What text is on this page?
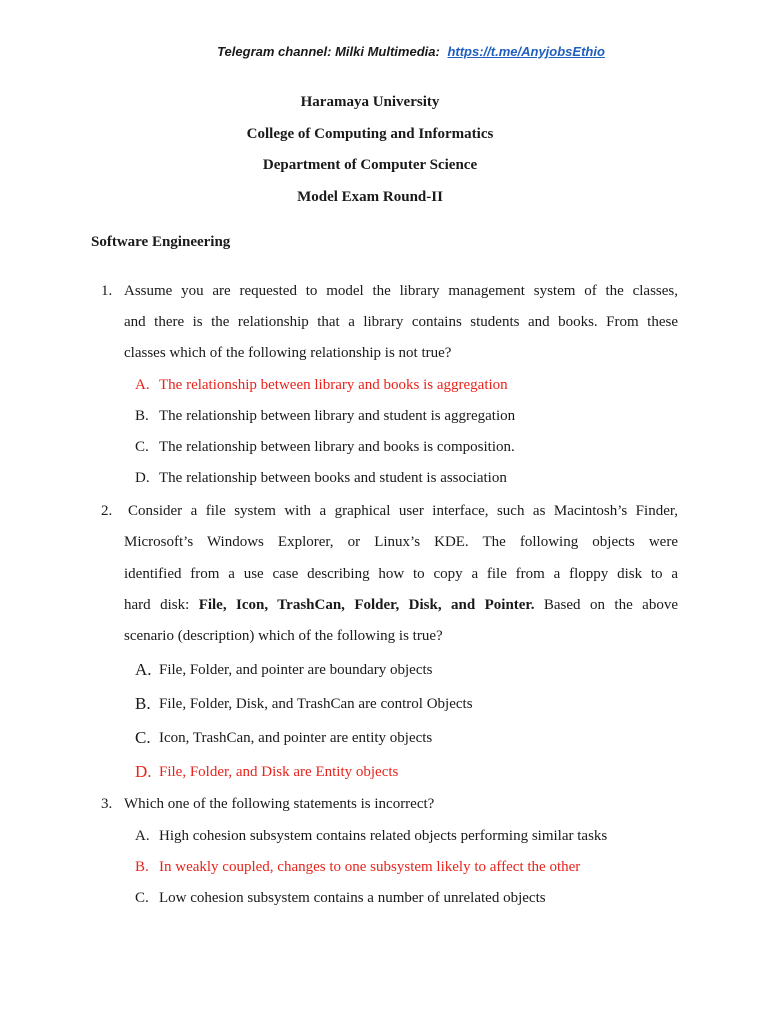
Telegram channel: Milki Multimedia: https://t.me/AnyjobsEthio
Haramaya University
College of Computing and Informatics
Department of Computer Science
Model Exam Round-II
Software Engineering
1. Assume you are requested to model the library management system of the classes,
and there is the relationship that a library contains students and books. From these
classes which of the following relationship is not true?
A. The relationship between library and books is aggregation
B. The relationship between library and student is aggregation
C. The relationship between library and books is composition.
D. The relationship between books and student is association
2. Consider a file system with a graphical user interface, such as Macintosh’s Finder,
Microsoft’s Windows Explorer, or Linux’s KDE. The following objects were
identified from a use case describing how to copy a file from a floppy disk to a
hard disk: File, Icon, TrashCan, Folder, Disk, and Pointer. Based on the above
scenario (description) which of the following is true?
A. File, Folder, and pointer are boundary objects
B. File, Folder, Disk, and TrashCan are control Objects
C. Icon, TrashCan, and pointer are entity objects
D. File, Folder, and Disk are Entity objects
3. Which one of the following statements is incorrect?
A. High cohesion subsystem contains related objects performing similar tasks
B. In weakly coupled, changes to one subsystem likely to affect the other
C. Low cohesion subsystem contains a number of unrelated objects
